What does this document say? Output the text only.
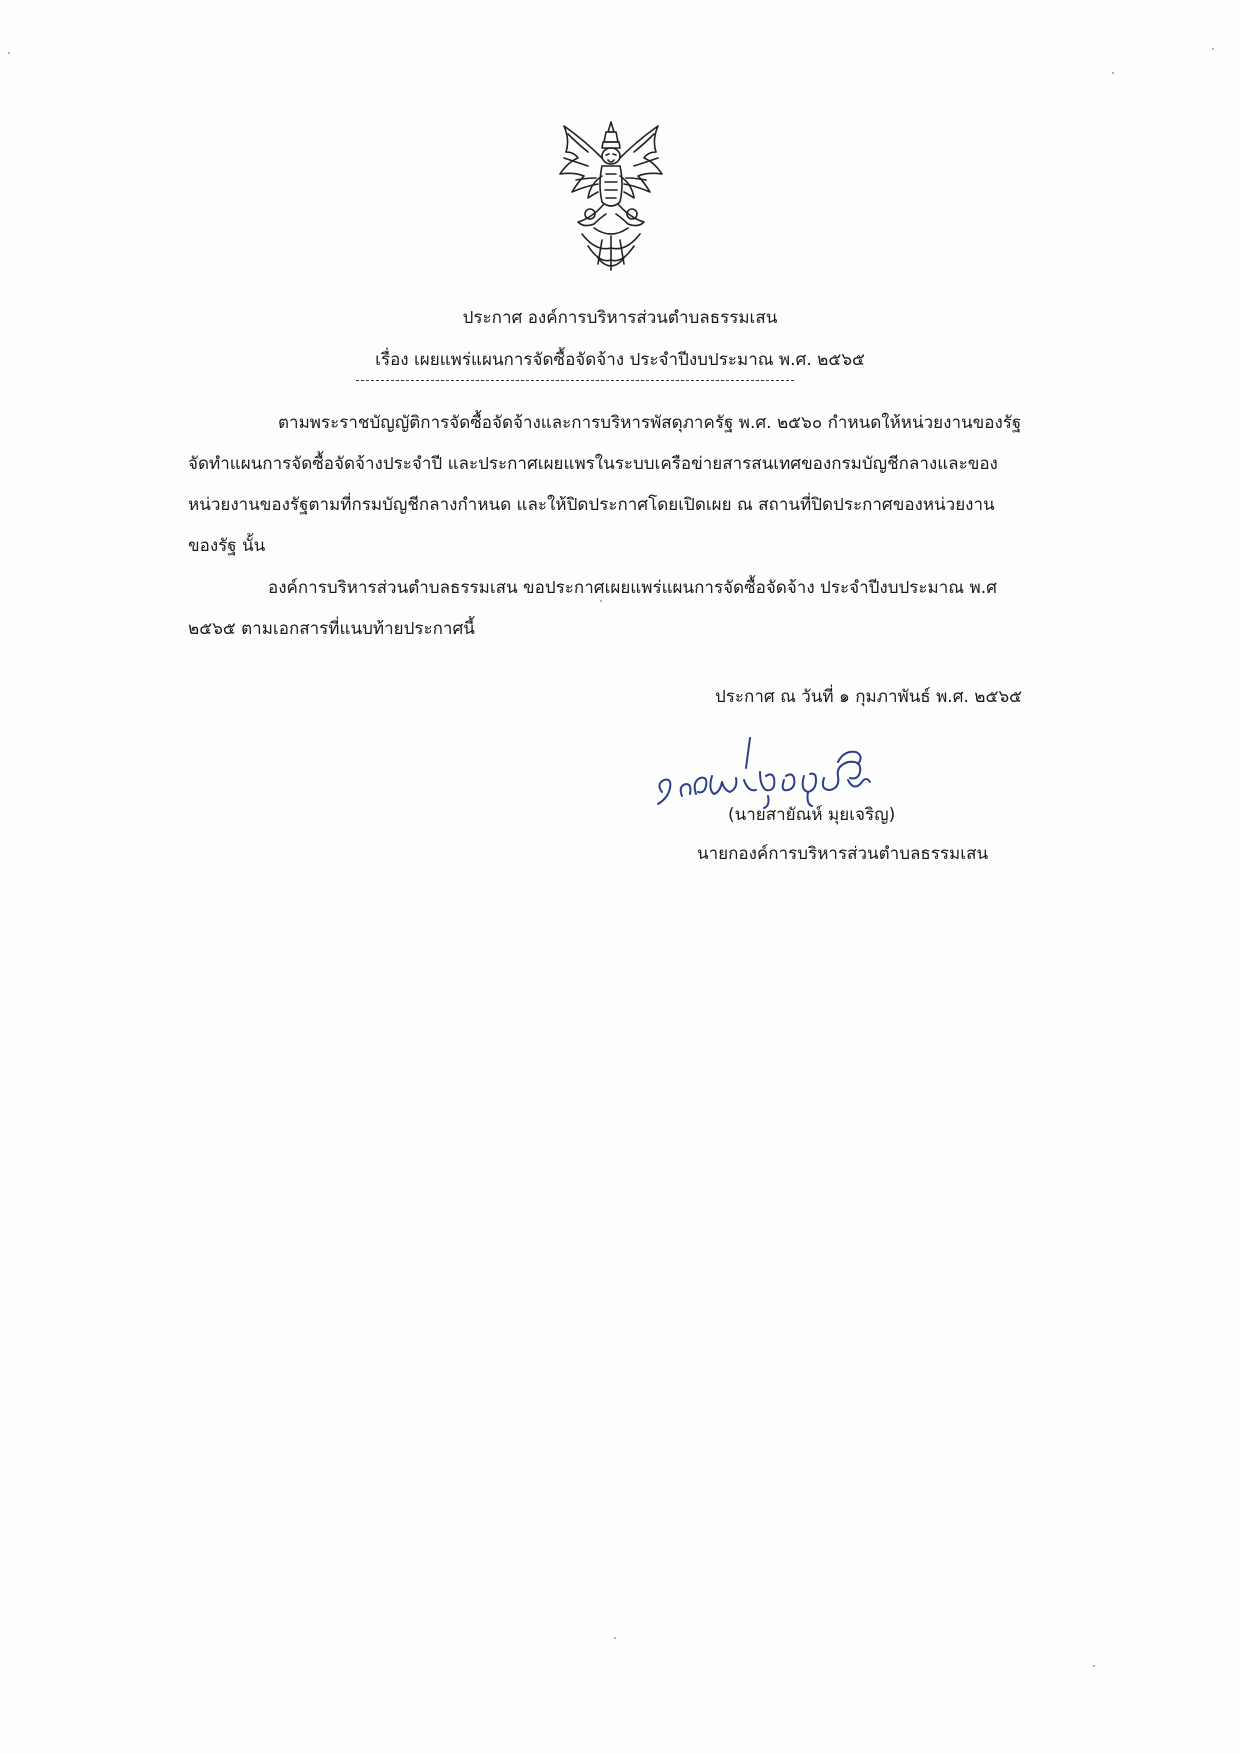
ประกาศ องค์การบริหารส่วนตำบลธรรมเสน
เรื่อง เผยแพร่แผนการจัดซื้อจัดจ้าง ประจำปีงบประมาณ พ.ศ. ๒๕๖๕
ตามพระราชบัญญัติการจัดซื้อจัดจ้างและการบริหารพัสดุภาครัฐ พ.ศ. ๒๕๖๐ กำหนดให้หน่วยงานของรัฐ
จัดทำแผนการจัดซื้อจัดจ้างประจำปี และประกาศเผยแพรในระบบเครือข่ายสารสนเทศของกรมบัญชีกลางและของ
หน่วยงานของรัฐตามที่กรมบัญชีกลางกำหนด และให้ปิดประกาศโดยเปิดเผย ณ สถานที่ปิดประกาศของหน่วยงาน
ของรัฐ นั้น
องค์การบริหารส่วนตำบลธรรมเสน ขอประกาศเผยแพร่แผนการจัดซื้อจัดจ้าง ประจำปีงบประมาณ พ.ศ
๒๕๖๕ ตามเอกสารที่แนบท้ายประกาศนี้
ประกาศ ณ วันที่ ๑ กุมภาพันธ์ พ.ศ. ๒๕๖๕
(นายสายัณห์ มุยเจริญ)
นายกองค์การบริหารส่วนตำบลธรรมเสน
